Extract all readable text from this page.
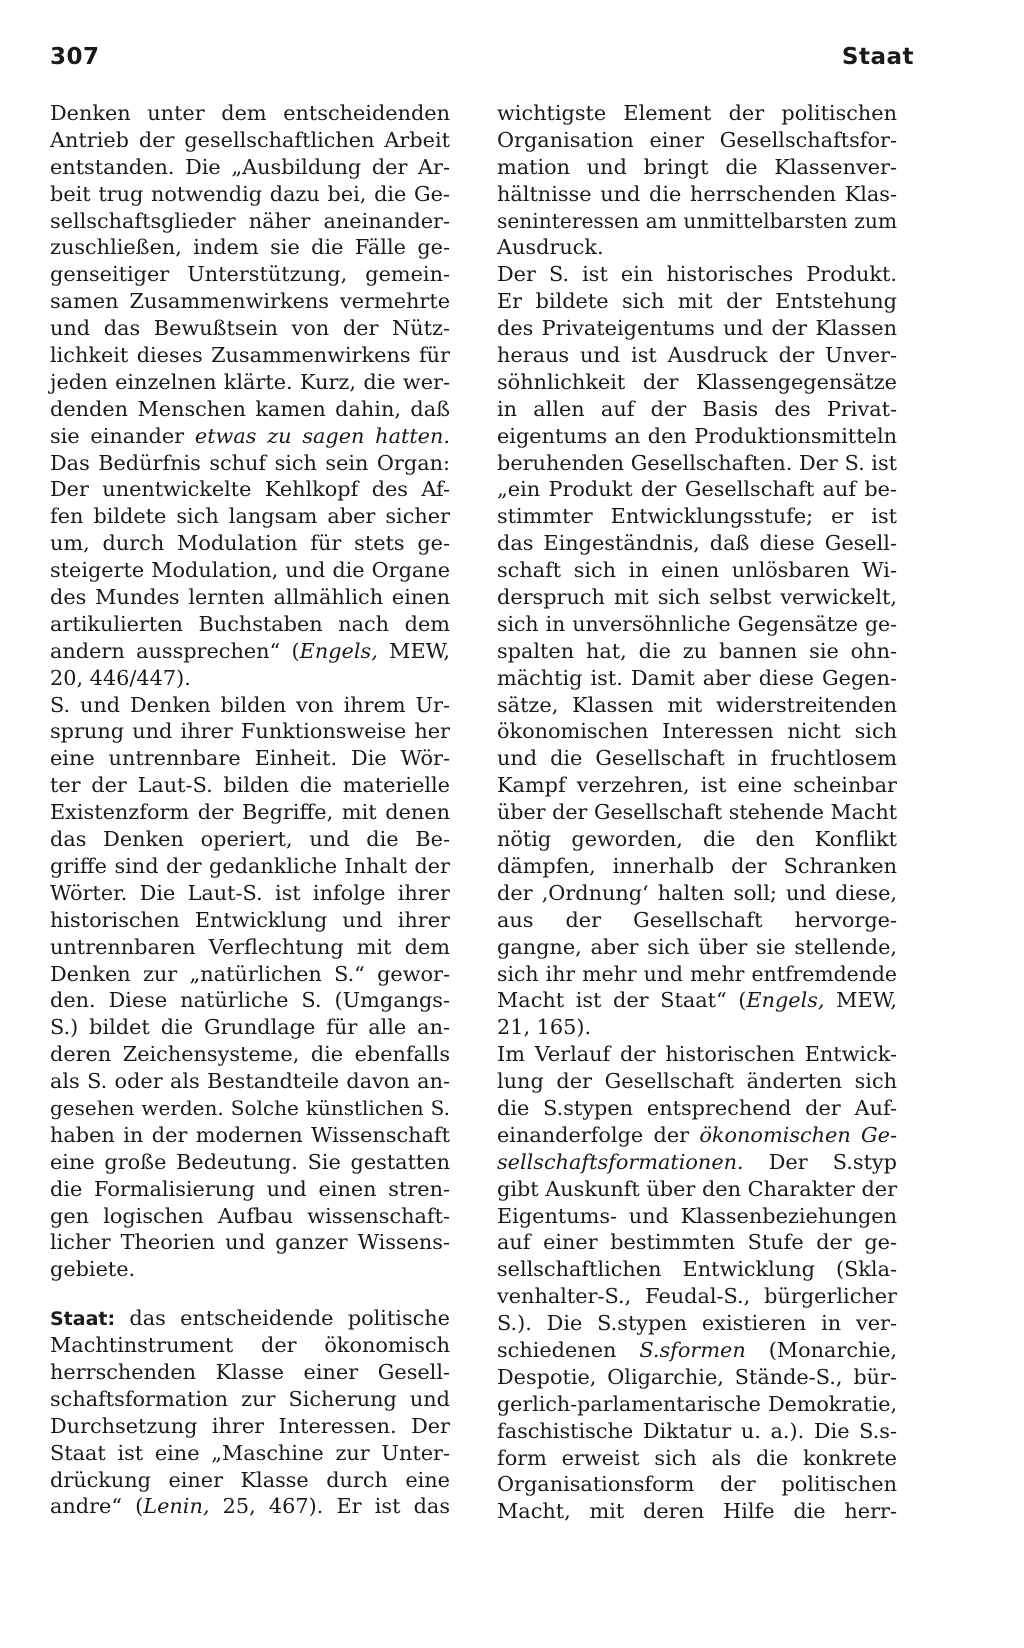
307	Staat
Denken unter dem entscheidenden
Antrieb der gesellschaftlichen Arbeit
entstanden. Die „Ausbildung der Ar-
beit trug notwendig dazu bei, die Ge-
sellschaftsglieder näher aneinander-
zuschließen, indem sie die Fälle ge-
genseitiger Unterstützung, gemein-
samen Zusammenwirkens vermehrte
und das Bewußtsein von der Nütz-
lichkeit dieses Zusammenwirkens für
jeden einzelnen klärte. Kurz, die wer-
denden Menschen kamen dahin, daß
sie einander etwas zu sagen hatten.
Das Bedürfnis schuf sich sein Organ:
Der unentwickelte Kehlkopf des Af-
fen bildete sich langsam aber sicher
um, durch Modulation für stets ge-
steigerte Modulation, und die Organe
des Mundes lernten allmählich einen
artikulierten Buchstaben nach dem
andern aussprechen“ (Engels, MEW,
20, 446/447).
S. und Denken bilden von ihrem Ur-
sprung und ihrer Funktionsweise her
eine untrennbare Einheit. Die Wör-
ter der Laut-S. bilden die materielle
Existenzform der Begriffe, mit denen
das Denken operiert, und die Be-
griffe sind der gedankliche Inhalt der
Wörter. Die Laut-S. ist infolge ihrer
historischen Entwicklung und ihrer
untrennbaren Verflechtung mit dem
Denken zur „natürlichen S.“ gewor-
den. Diese natürliche S. (Umgangs-
S.) bildet die Grundlage für alle an-
deren Zeichensysteme, die ebenfalls
als S. oder als Bestandteile davon an-
gesehen werden. Solche künstlichen S.
haben in der modernen Wissenschaft
eine große Bedeutung. Sie gestatten
die Formalisierung und einen stren-
gen logischen Aufbau wissenschaft-
licher Theorien und ganzer Wissens-
gebiete.
Staat: das entscheidende politische
Machtinstrument der ökonomisch
herrschenden Klasse einer Gesell-
schaftsformation zur Sicherung und
Durchsetzung ihrer Interessen. Der
Staat ist eine „Maschine zur Unter-
drückung einer Klasse durch eine
andre“ (Lenin, 25, 467). Er ist das
wichtigste Element der politischen
Organisation einer Gesellschaftsfor-
mation und bringt die Klassenver-
hältnisse und die herrschenden Klas-
seninteressen am unmittelbarsten zum
Ausdruck.
Der S. ist ein historisches Produkt.
Er bildete sich mit der Entstehung
des Privateigentums und der Klassen
heraus und ist Ausdruck der Unver-
söhnlichkeit der Klassengegensätze
in allen auf der Basis des Privat-
eigentums an den Produktionsmitteln
beruhenden Gesellschaften. Der S. ist
„ein Produkt der Gesellschaft auf be-
stimmter Entwicklungsstufe; er ist
das Eingeständnis, daß diese Gesell-
schaft sich in einen unlösbaren Wi-
derspruch mit sich selbst verwickelt,
sich in unversöhnliche Gegensätze ge-
spalten hat, die zu bannen sie ohn-
mächtig ist. Damit aber diese Gegen-
sätze, Klassen mit widerstreitenden
ökonomischen Interessen nicht sich
und die Gesellschaft in fruchtlosem
Kampf verzehren, ist eine scheinbar
über der Gesellschaft stehende Macht
nötig geworden, die den Konflikt
dämpfen, innerhalb der Schranken
der ‚Ordnung‘ halten soll; und diese,
aus der Gesellschaft hervorge-
gangne, aber sich über sie stellende,
sich ihr mehr und mehr entfremdende
Macht ist der Staat“ (Engels, MEW,
21, 165).
Im Verlauf der historischen Entwick-
lung der Gesellschaft änderten sich
die S.stypen entsprechend der Auf-
einanderfolge der ökonomischen Ge-
sellschaftsformationen. Der S.styp
gibt Auskunft über den Charakter der
Eigentums- und Klassenbeziehungen
auf einer bestimmten Stufe der ge-
sellschaftlichen Entwicklung (Skla-
venhalter-S., Feudal-S., bürgerlicher
S.). Die S.stypen existieren in ver-
schiedenen S.sformen (Monarchie,
Despotie, Oligarchie, Stände-S., bür-
gerlich-parlamentarische Demokratie,
faschistische Diktatur u. a.). Die S.s-
form erweist sich als die konkrete
Organisationsform der politischen
Macht, mit deren Hilfe die herr-
